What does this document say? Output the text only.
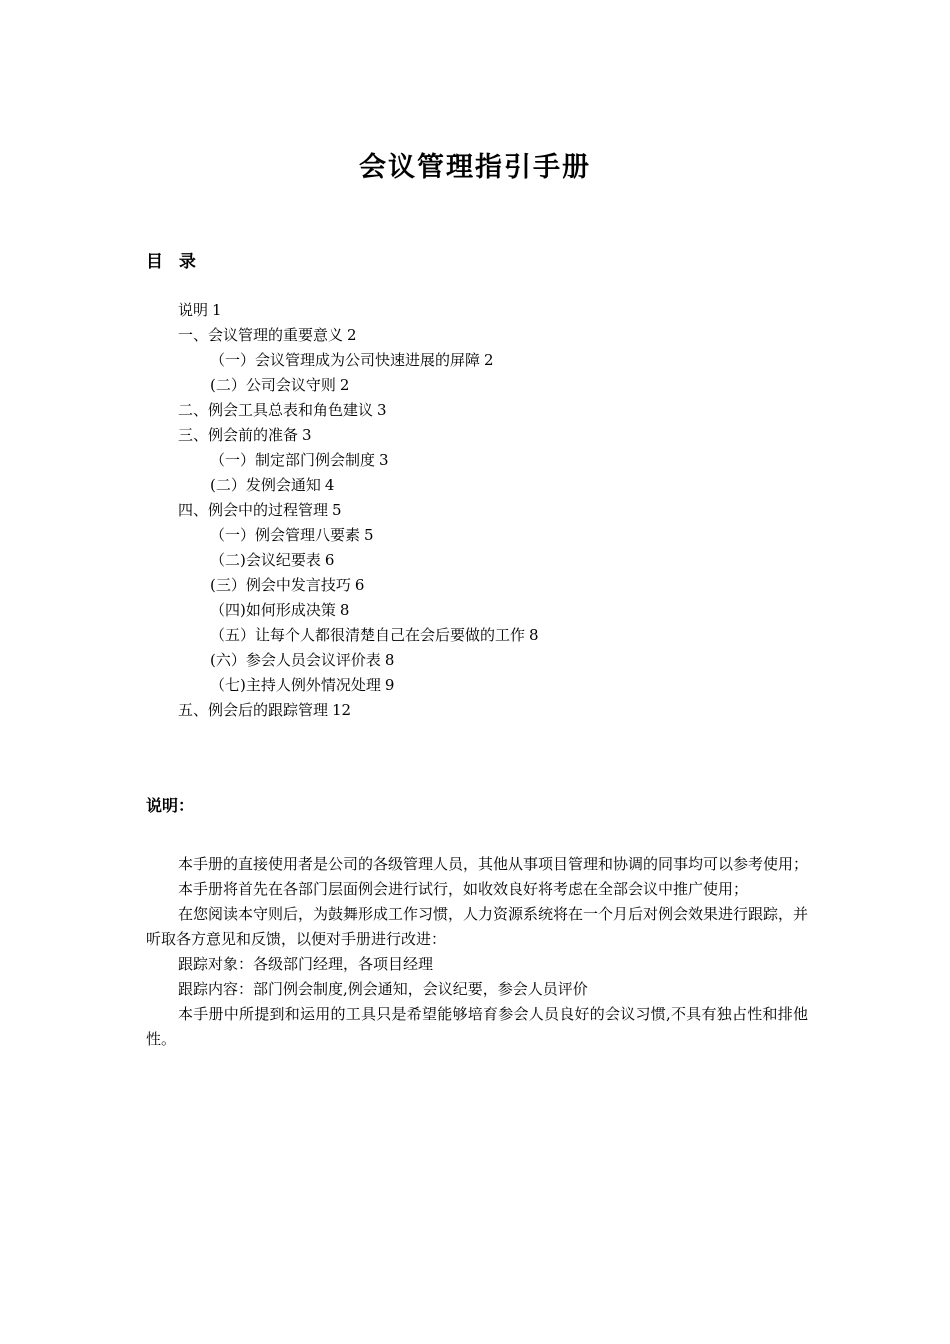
会议管理指引手册
目 录
说明 1
一、会议管理的重要意义 2
（一）会议管理成为公司快速进展的屏障 2
(二）公司会议守则 2
二、例会工具总表和角色建议 3
三、例会前的准备 3
（一）制定部门例会制度 3
(二）发例会通知 4
四、例会中的过程管理 5
（一）例会管理八要素 5
（二)会议纪要表 6
(三）例会中发言技巧 6
（四)如何形成决策 8
（五）让每个人都很清楚自己在会后要做的工作 8
(六）参会人员会议评价表 8
（七)主持人例外情况处理 9
五、例会后的跟踪管理 12
说明：

本手册的直接使用者是公司的各级管理人员，其他从事项目管理和协调的同事均可以参考使用；

本手册将首先在各部门层面例会进行试行，如收效良好将考虑在全部会议中推广使用；

在您阅读本守则后，为鼓舞形成工作习惯，人力资源系统将在一个月后对例会效果进行跟踪，并听取各方意见和反馈，以便对手册进行改进：

跟踪对象：各级部门经理，各项目经理

跟踪内容：部门例会制度,例会通知，会议纪要，参会人员评价

本手册中所提到和运用的工具只是希望能够培育参会人员良好的会议习惯,不具有独占性和排他性。
